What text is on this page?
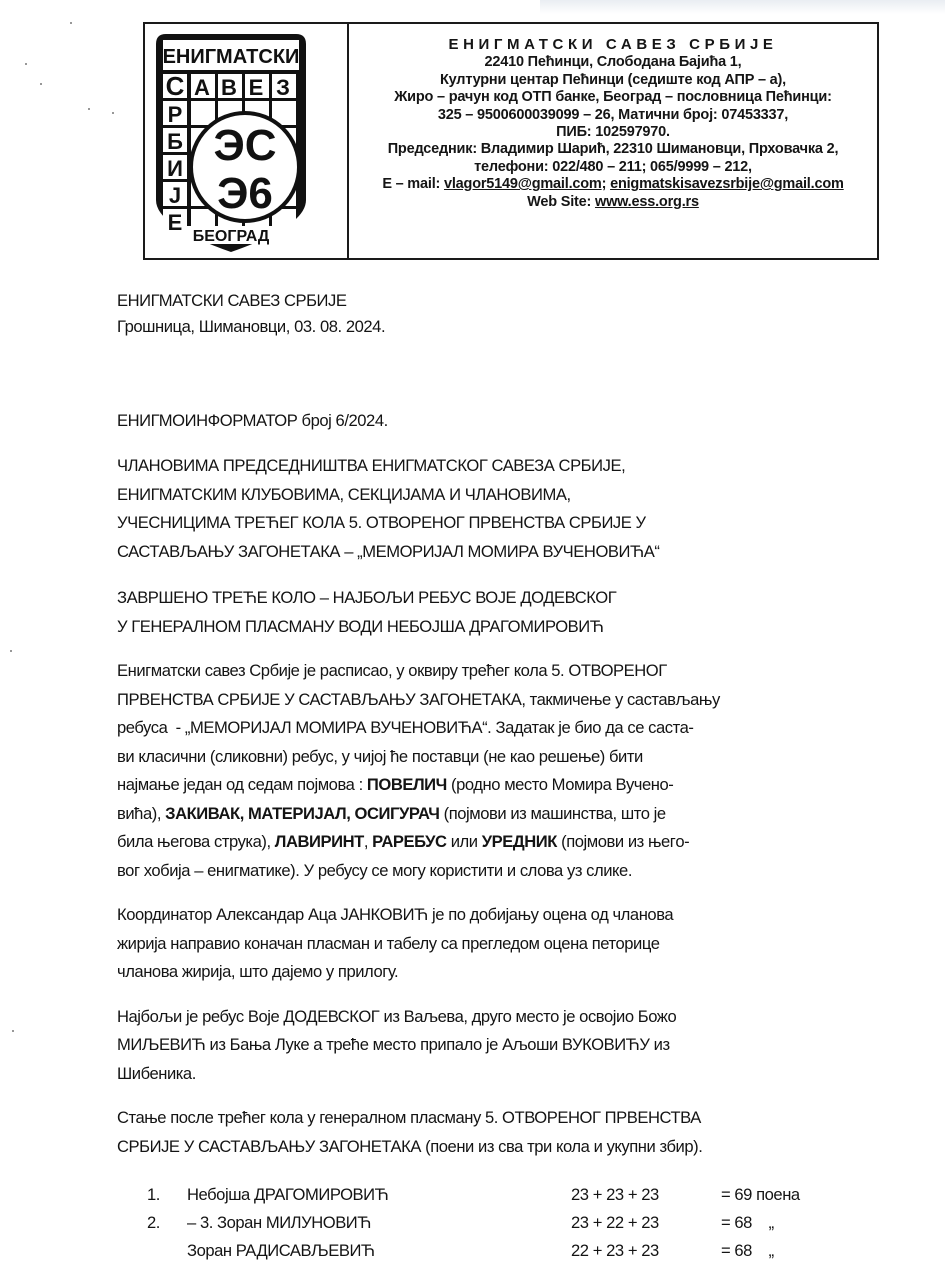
ЕНИГМАТСКИ
С А В Е З
Р
Б
И
Ј
Е
ЭС
Э6
БЕОГРАД
ЕНИГМАТСКИ САВЕЗ СРБИЈЕ
22410 Пећинци, Слободана Бајића 1,
Културни центар Пећинци (седиште код АПР – а),
Жиро – рачун код ОТП банке, Београд – пословница Пећинци:
325 – 9500600039099 – 26, Матични број: 07453337,
ПИБ: 102597970.
Председник: Владимир Шарић, 22310 Шимановци, Прховачка 2,
телефони: 022/480 – 211; 065/9999 – 212,
E – mail: vlagor5149@gmail.com; enigmatskisavezsrbije@gmail.com
Web Site: www.ess.org.rs

ЕНИГМАТСКИ САВЕЗ СРБИЈЕ

Грошница, Шимановци, 03. 08. 2024.

ЕНИГМОИНФОРМАТОР број 6/2024.

ЧЛАНОВИМА ПРЕДСЕДНИШТВА ЕНИГМАТСКОГ САВЕЗА СРБИЈЕ,
ЕНИГМАТСКИМ КЛУБОВИМА, СЕКЦИЈАМА И ЧЛАНОВИМА,
УЧЕСНИЦИМА ТРЕЋЕГ КОЛА 5. ОТВОРЕНОГ ПРВЕНСТВА СРБИЈЕ У
САСТАВЉАЊУ ЗАГОНЕТАКА – „МЕМОРИЈАЛ МОМИРА ВУЧЕНОВИЋА“
ЗАВРШЕНО ТРЕЋЕ КОЛО – НАЈБОЉИ РЕБУС ВОЈЕ ДОДЕВСКОГ
У ГЕНЕРАЛНОМ ПЛАСМАНУ ВОДИ НЕБОЈША ДРАГОМИРОВИЋ
Енигматски савез Србије је расписао, у оквиру трећег кола 5. ОТВОРЕНОГ
ПРВЕНСТВА СРБИЈЕ У САСТАВЉАЊУ ЗАГОНЕТАКА, такмичење у састављању
ребуса  - „МЕМОРИЈАЛ МОМИРА ВУЧЕНОВИЋА“. Задатак је био да се саста-
ви класични (сликовни) ребус, у чијој ће поставци (не као решење) бити
најмање један од седам појмова : ПОВЕЛИЧ (родно место Момира Вучено-
вића), ЗАКИВАК, МАТЕРИЈАЛ, ОСИГУРАЧ (појмови из машинства, што је
била његова струка), ЛАВИРИНТ, РАРЕБУС или УРЕДНИК (појмови из његo-
вог хобија – енигматике). У ребусу се могу користити и слова уз слике.
Координатор Александар Аца ЈАНКОВИЋ је по добијању оцена од чланова
жирија направио коначан пласман и табелу са прегледом оцена петорице
чланова жирија, што дајемо у прилогу.
Најбољи је ребус Воје ДОДЕВСКОГ из Ваљева, друго место је освојио Божо
МИЉЕВИЋ из Бања Луке а треће место припало је Аљоши ВУКОВИЋУ из
Шибеника.
Стање после трећег кола у генералном пласману 5. ОТВОРЕНОГ ПРВЕНСТВА
СРБИЈЕ У САСТАВЉАЊУ ЗАГОНЕТАКА (поени из сва три кола и укупни збир).
1.	Небојша ДРАГОМИРОВИЋ	23 + 23 + 23	= 69 поена
2.	– 3. Зоран МИЛУНОВИЋ	23 + 22 + 23	= 68    „
Зоран РАДИСАВЉЕВИЋ	22 + 23 + 23	= 68    „
